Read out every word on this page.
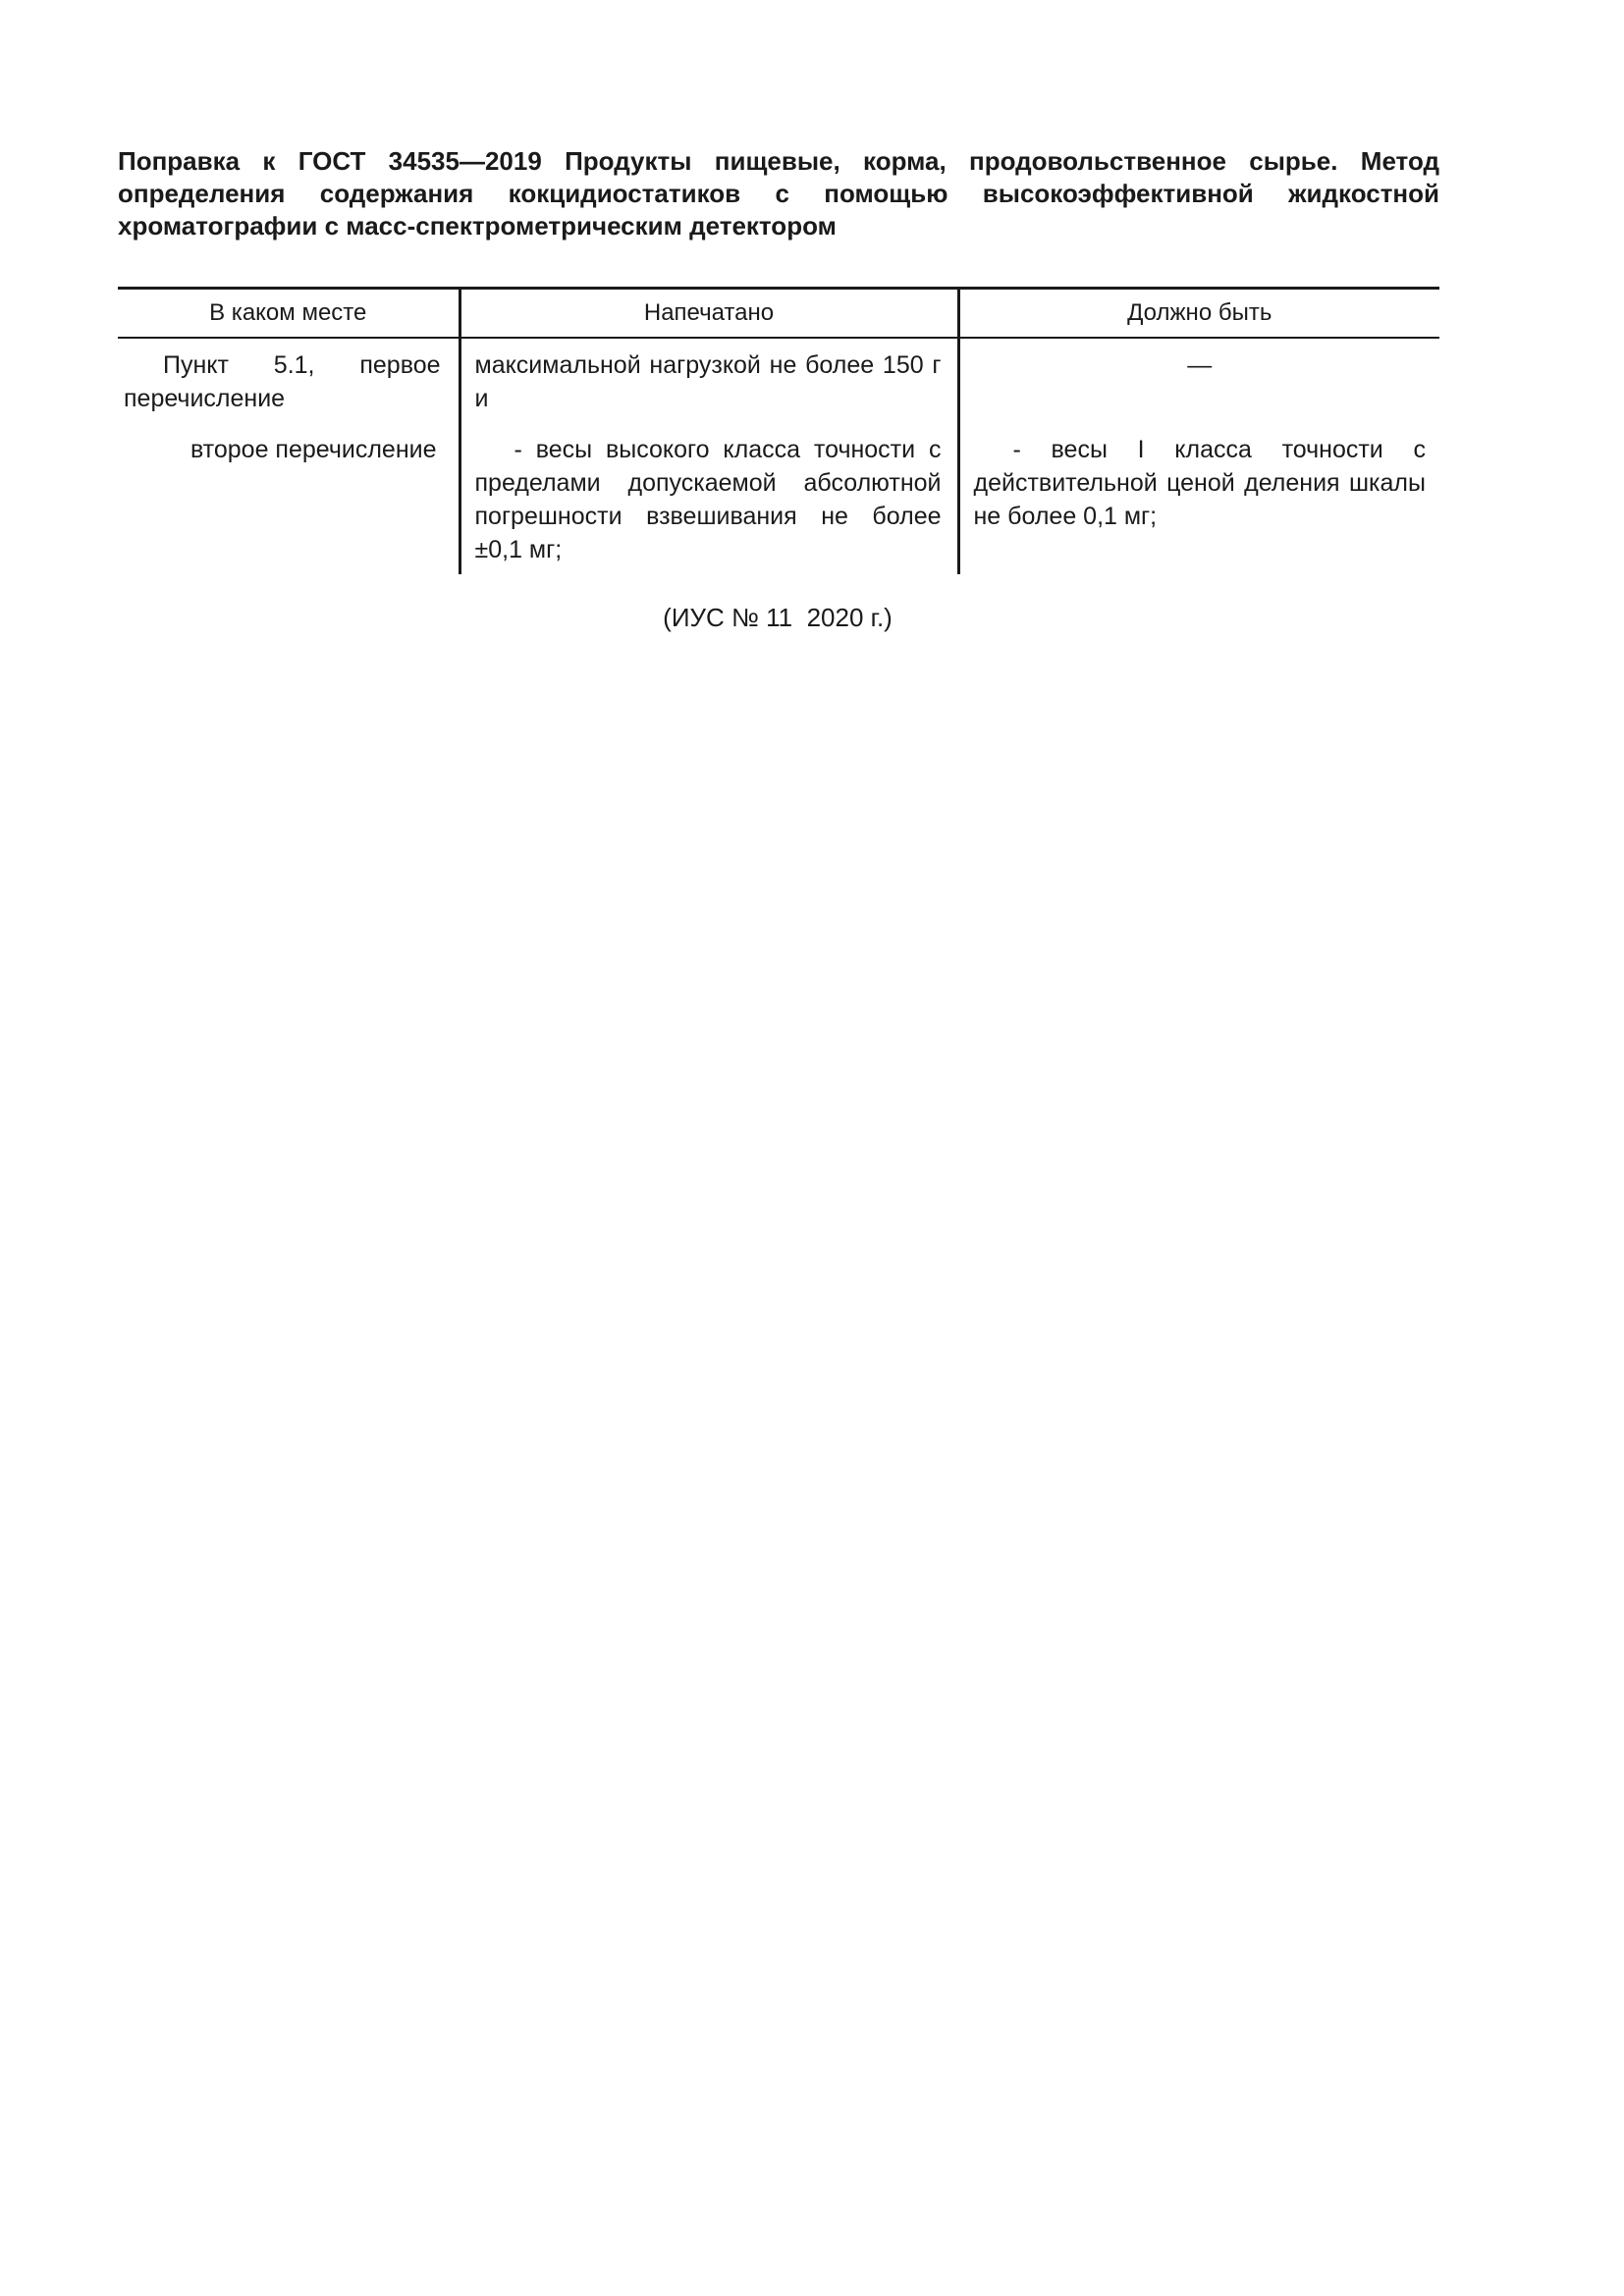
Поправка к ГОСТ 34535—2019 Продукты пищевые, корма, продовольственное сырье. Метод определения содержания кокцидиостатиков с помощью высокоэффективной жидкостной хроматографии с масс-спектрометрическим детектором
В каком месте	Напечатано	Должно быть
Пункт 5.1, первое перечисление	максимальной нагрузкой не более 150 г и	—
второе перечисление	- весы высокого класса точности с пределами допускаемой абсолютной погрешности взвешивания не более ±0,1 мг;	- весы I класса точности с действительной ценой деления шкалы не более 0,1 мг;
(ИУС № 11  2020 г.)
